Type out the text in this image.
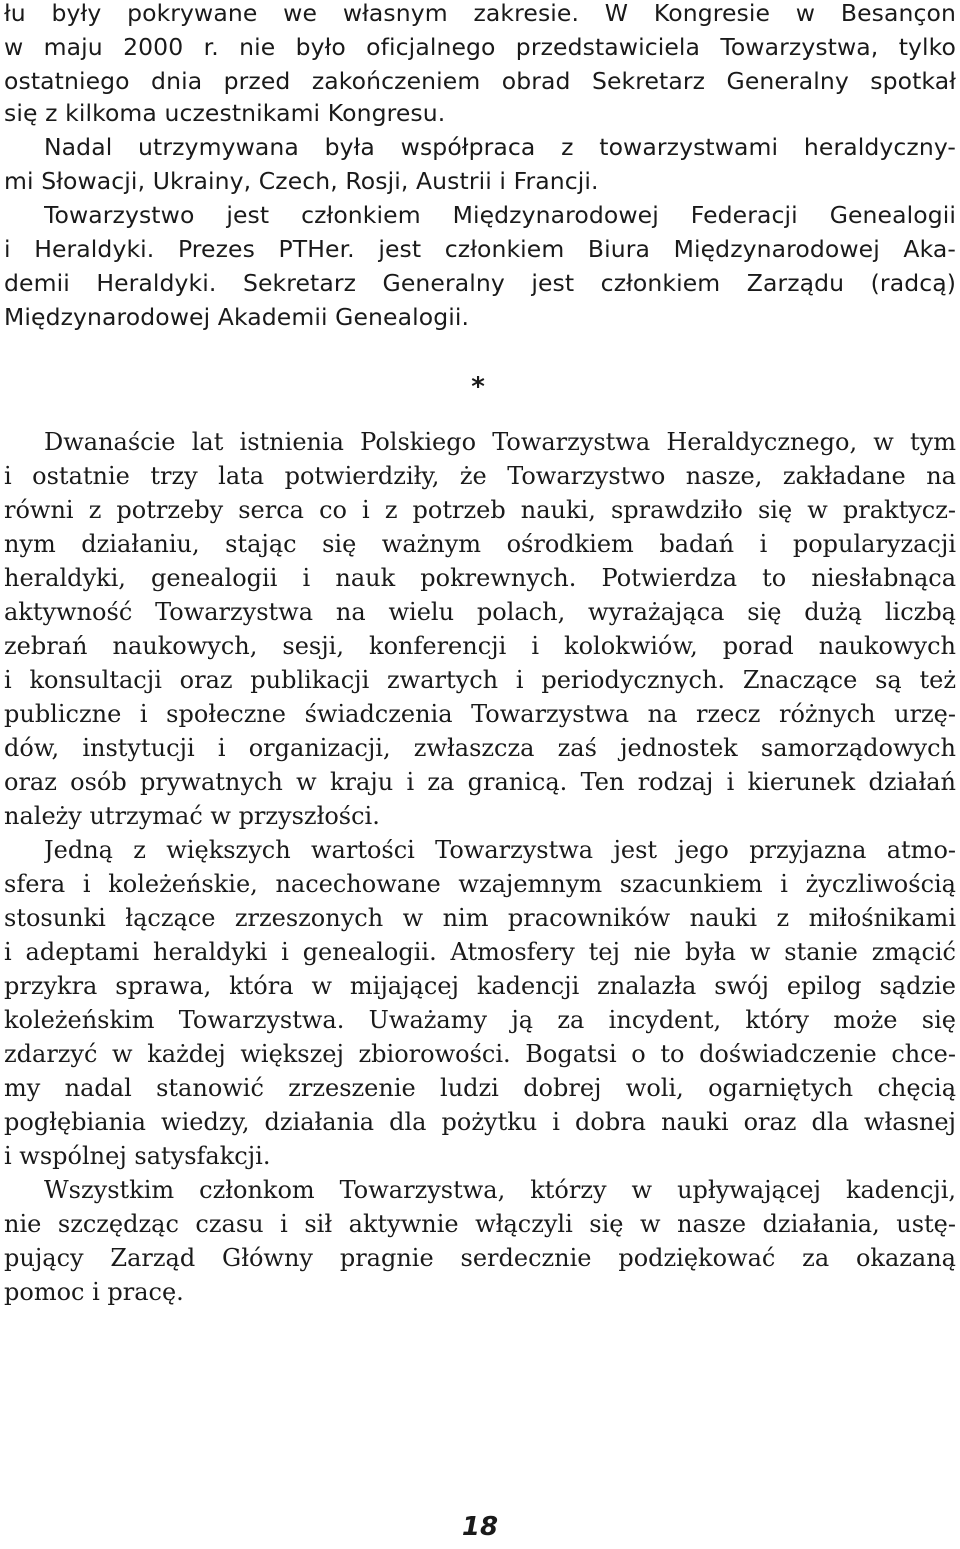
łu były pokrywane we własnym zakresie. W Kongresie w Besançon
w maju 2000 r. nie było oficjalnego przedstawiciela Towarzystwa, tylko
ostatniego dnia przed zakończeniem obrad Sekretarz Generalny spotkał
się z kilkoma uczestnikami Kongresu.
Nadal utrzymywana była współpraca z towarzystwami heraldyczny-
mi Słowacji, Ukrainy, Czech, Rosji, Austrii i Francji.
Towarzystwo jest członkiem Międzynarodowej Federacji Genealogii
i Heraldyki. Prezes PTHer. jest członkiem Biura Międzynarodowej Aka-
demii Heraldyki. Sekretarz Generalny jest członkiem Zarządu (radcą)
Międzynarodowej Akademii Genealogii.
*
Dwanaście lat istnienia Polskiego Towarzystwa Heraldycznego, w tym
i ostatnie trzy lata potwierdziły, że Towarzystwo nasze, zakładane na
równi z potrzeby serca co i z potrzeb nauki, sprawdziło się w praktycz-
nym działaniu, stając się ważnym ośrodkiem badań i popularyzacji
heraldyki, genealogii i nauk pokrewnych. Potwierdza to niesłabnąca
aktywność Towarzystwa na wielu polach, wyrażająca się dużą liczbą
zebrań naukowych, sesji, konferencji i kolokwiów, porad naukowych
i konsultacji oraz publikacji zwartych i periodycznych. Znaczące są też
publiczne i społeczne świadczenia Towarzystwa na rzecz różnych urzę-
dów, instytucji i organizacji, zwłaszcza zaś jednostek samorządowych
oraz osób prywatnych w kraju i za granicą. Ten rodzaj i kierunek działań
należy utrzymać w przyszłości.
Jedną z większych wartości Towarzystwa jest jego przyjazna atmo-
sfera i koleżeńskie, nacechowane wzajemnym szacunkiem i życzliwością
stosunki łączące zrzeszonych w nim pracowników nauki z miłośnikami
i adeptami heraldyki i genealogii. Atmosfery tej nie była w stanie zmącić
przykra sprawa, która w mijającej kadencji znalazła swój epilog sądzie
koleżeńskim Towarzystwa. Uważamy ją za incydent, który może się
zdarzyć w każdej większej zbiorowości. Bogatsi o to doświadczenie chce-
my nadal stanowić zrzeszenie ludzi dobrej woli, ogarniętych chęcią
pogłębiania wiedzy, działania dla pożytku i dobra nauki oraz dla własnej
i wspólnej satysfakcji.
Wszystkim członkom Towarzystwa, którzy w upływającej kadencji,
nie szczędząc czasu i sił aktywnie włączyli się w nasze działania, ustę-
pujący Zarząd Główny pragnie serdecznie podziękować za okazaną
pomoc i pracę.
18
